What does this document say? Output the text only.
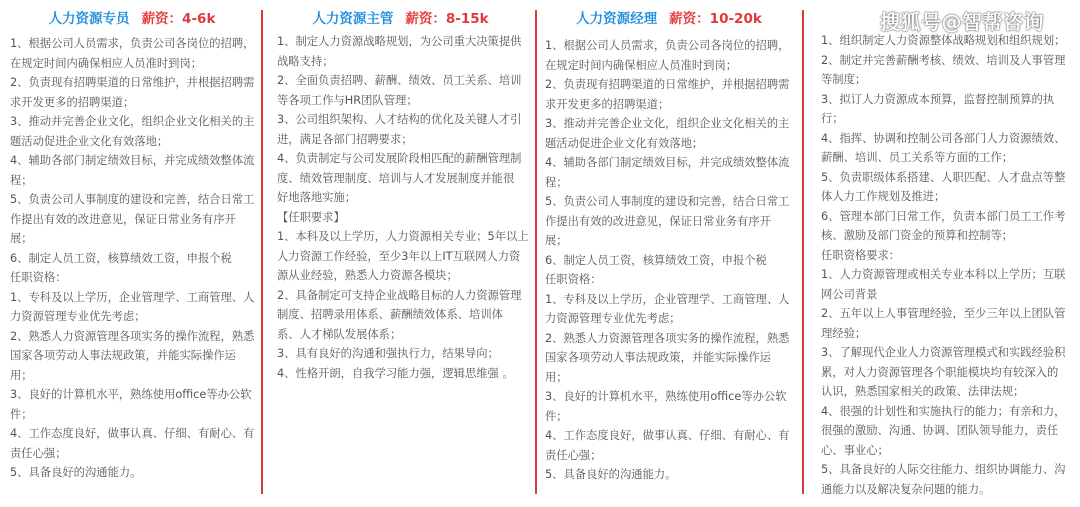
人力资源专员 薪资：4-6k
1、根据公司人员需求，负责公司各岗位的招聘，
在规定时间内确保相应人员准时到岗；
2、负责现有招聘渠道的日常维护，并根据招聘需
求开发更多的招聘渠道；
3、推动并完善企业文化，组织企业文化相关的主
题活动促进企业文化有效落地；
4、辅助各部门制定绩效目标，并完成绩效整体流
程；
5、负责公司人事制度的建设和完善，结合日常工
作提出有效的改进意见，保证日常业务有序开
展；
6、制定人员工资，核算绩效工资，申报个税
任职资格：
1、专科及以上学历，企业管理学、工商管理、人
力资源管理专业优先考虑；
2、熟悉人力资源管理各项实务的操作流程，熟悉
国家各项劳动人事法规政策，并能实际操作运
用；
3、良好的计算机水平，熟练使用office等办公软
件；
4、工作态度良好，做事认真、仔细、有耐心、有
责任心强；
5、具备良好的沟通能力。
人力资源主管 薪资：8-15k
1、制定人力资源战略规划，为公司重大决策提供
战略支持；
2、全面负责招聘、薪酬、绩效、员工关系、培训
等各项工作与HR团队管理；
3、公司组织架构、人才结构的优化及关键人才引
进，满足各部门招聘要求；
4、负责制定与公司发展阶段相匹配的薪酬管理制
度、绩效管理制度、培训与人才发展制度并能很
好地落地实施；
【任职要求】
1、本科及以上学历，人力资源相关专业；5年以上
人力资源工作经验，至少3年以上IT互联网人力资
源从业经验，熟悉人力资源各模块；
2、具备制定可支持企业战略目标的人力资源管理
制度、招聘录用体系、薪酬绩效体系、培训体
系、人才梯队发展体系；
3、具有良好的沟通和强执行力，结果导向；
4、性格开朗，自我学习能力强，逻辑思维强 。
人力资源经理 薪资：10-20k
1、根据公司人员需求，负责公司各岗位的招聘，
在规定时间内确保相应人员准时到岗；
2、负责现有招聘渠道的日常维护，并根据招聘需
求开发更多的招聘渠道；
3、推动并完善企业文化，组织企业文化相关的主
题活动促进企业文化有效落地；
4、辅助各部门制定绩效目标，并完成绩效整体流
程；
5、负责公司人事制度的建设和完善，结合日常工
作提出有效的改进意见，保证日常业务有序开
展；
6、制定人员工资，核算绩效工资，申报个税
任职资格：
1、专科及以上学历，企业管理学、工商管理、人
力资源管理专业优先考虑；
2、熟悉人力资源管理各项实务的操作流程，熟悉
国家各项劳动人事法规政策，并能实际操作运
用；
3、良好的计算机水平，熟练使用office等办公软
件；
4、工作态度良好，做事认真、仔细、有耐心、有
责任心强；
5、具备良好的沟通能力。
1、组织制定人力资源整体战略规划和组织规划；
2、制定并完善薪酬考核、绩效、培训及人事管理
等制度；
3、拟订人力资源成本预算，监督控制预算的执
行；
4、指挥、协调和控制公司各部门人力资源绩效、
薪酬、培训、员工关系等方面的工作；
5、负责职级体系搭建、人职匹配、人才盘点等整
体人力工作规划及推进；
6、管理本部门日常工作，负责本部门员工工作考
核、激励及部门资金的预算和控制等；
任职资格要求：
1、人力资源管理或相关专业本科以上学历；互联
网公司背景
2、五年以上人事管理经验，至少三年以上团队管
理经验；
3、了解现代企业人力资源管理模式和实践经验积
累，对人力资源管理各个职能模块均有较深入的
认识，熟悉国家相关的政策、法律法规；
4、很强的计划性和实施执行的能力；有亲和力，
很强的激励、沟通、协调、团队领导能力，责任
心、事业心；
5、具备良好的人际交往能力、组织协调能力、沟
通能力以及解决复杂问题的能力。
搜狐号@智帮咨询
